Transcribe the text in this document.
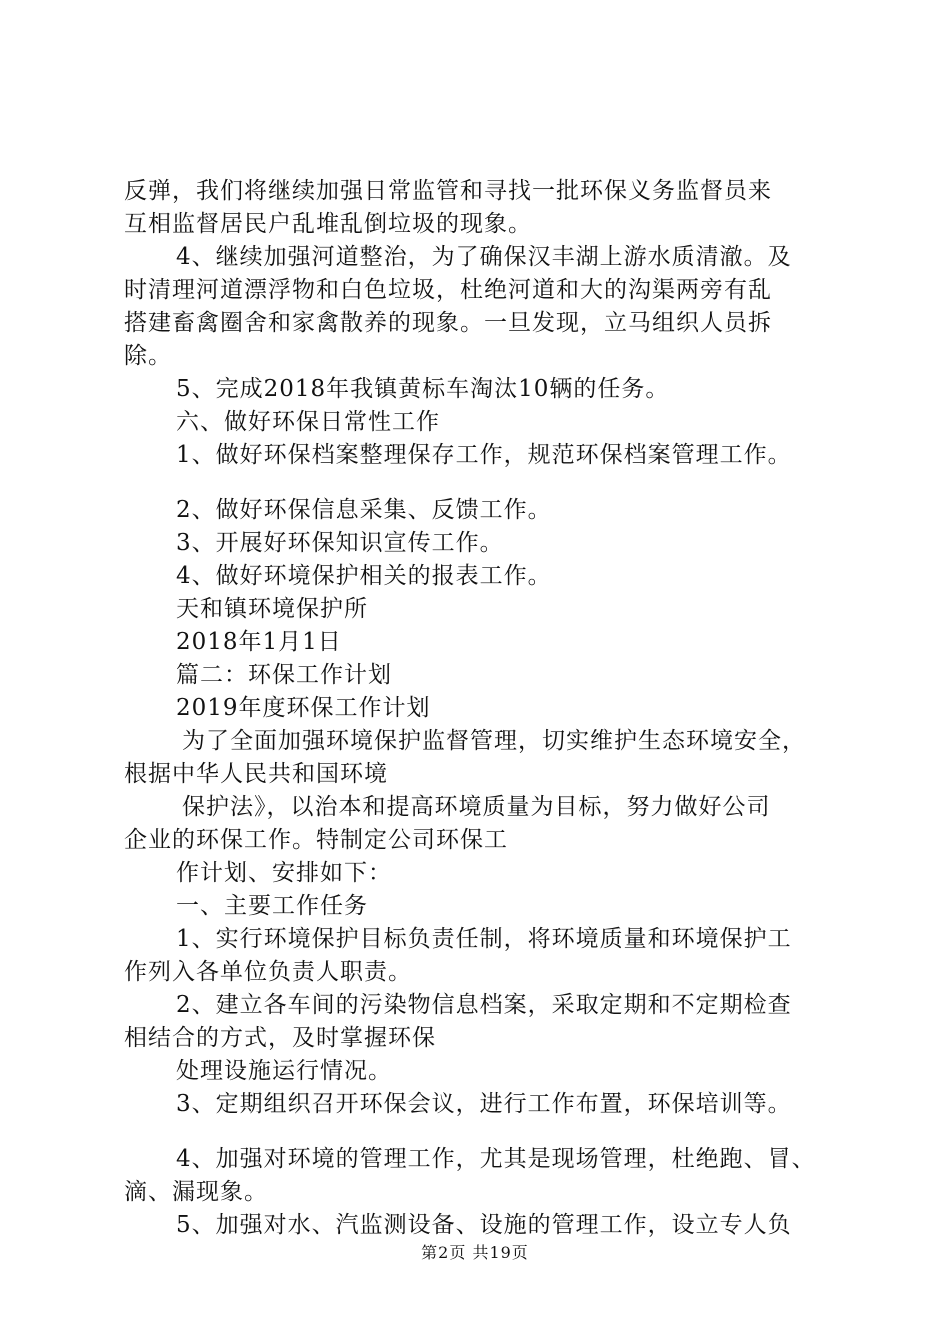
反弹，我们将继续加强日常监管和寻找一批环保义务监督员来
互相监督居民户乱堆乱倒垃圾的现象。
4、继续加强河道整治，为了确保汉丰湖上游水质清澈。及
时清理河道漂浮物和白色垃圾，杜绝河道和大的沟渠两旁有乱
搭建畜禽圈舍和家禽散养的现象。一旦发现，立马组织人员拆
除。
5、完成2018年我镇黄标车淘汰10辆的任务。
六、做好环保日常性工作
1、做好环保档案整理保存工作，规范环保档案管理工作。
2、做好环保信息采集、反馈工作。
3、开展好环保知识宣传工作。
4、做好环境保护相关的报表工作。
天和镇环境保护所
2018年1月1日
篇二：环保工作计划
2019年度环保工作计划
为了全面加强环境保护监督管理，切实维护生态环境安全，
根据中华人民共和国环境
保护法》，以治本和提高环境质量为目标，努力做好公司
企业的环保工作。特制定公司环保工
作计划、安排如下：
一、主要工作任务
1、实行环境保护目标负责任制，将环境质量和环境保护工
作列入各单位负责人职责。
2、建立各车间的污染物信息档案，采取定期和不定期检查
相结合的方式，及时掌握环保
处理设施运行情况。
3、定期组织召开环保会议，进行工作布置，环保培训等。
4、加强对环境的管理工作，尤其是现场管理，杜绝跑、冒、
滴、漏现象。
5、加强对水、汽监测设备、设施的管理工作，设立专人负
第2页 共19页
